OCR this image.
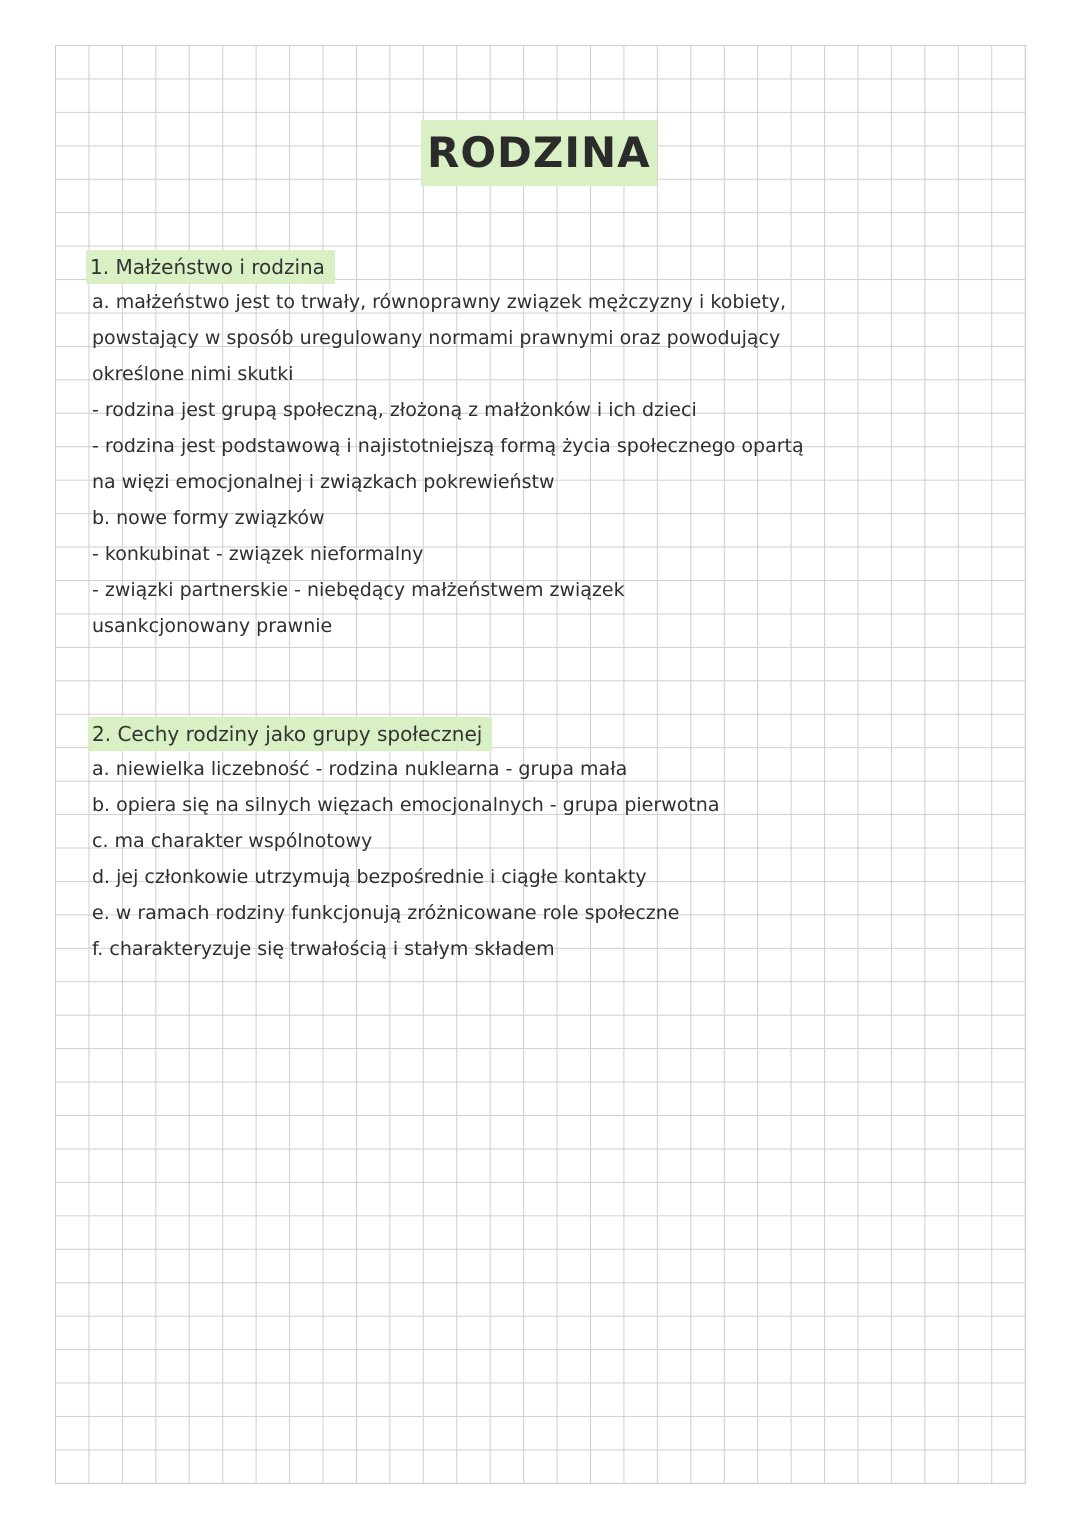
RODZINA
1. Małżeństwo i rodzina
a. małżeństwo jest to trwały, równoprawny związek mężczyzny i kobiety,
powstający w sposób uregulowany normami prawnymi oraz powodujący
określone nimi skutki
- rodzina jest grupą społeczną, złożoną z małżonków i ich dzieci
- rodzina jest podstawową i najistotniejszą formą życia społecznego opartą
na więzi emocjonalnej i związkach pokrewieństw
b. nowe formy związków
- konkubinat - związek nieformalny
- związki partnerskie - niebędący małżeństwem związek
usankcjonowany prawnie
2. Cechy rodziny jako grupy społecznej
a. niewielka liczebność - rodzina nuklearna - grupa mała
b. opiera się na silnych więzach emocjonalnych - grupa pierwotna
c. ma charakter wspólnotowy
d. jej członkowie utrzymują bezpośrednie i ciągłe kontakty
e. w ramach rodziny funkcjonują zróżnicowane role społeczne
f. charakteryzuje się trwałością i stałym składem
